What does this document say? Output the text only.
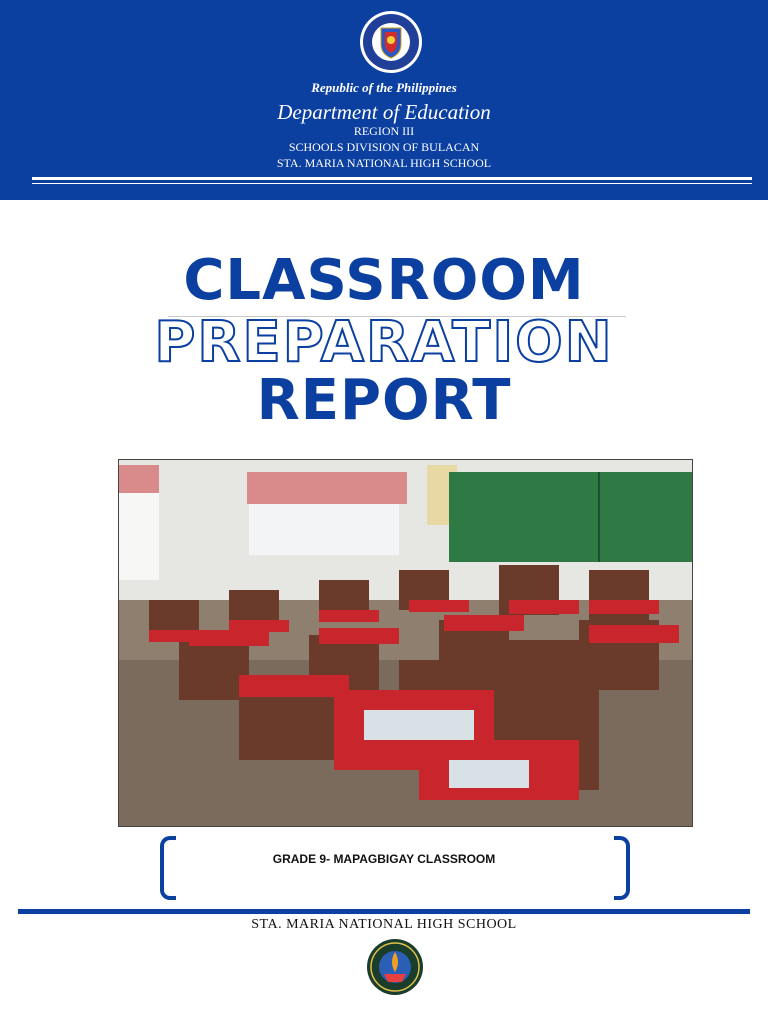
Republic of the Philippines
Department of Education
REGION III
SCHOOLS DIVISION OF BULACAN
STA. MARIA NATIONAL HIGH SCHOOL
CLASSROOM
PREPARATION
REPORT
GRADE 9- MAPAGBIGAY CLASSROOM
STA. MARIA NATIONAL HIGH SCHOOL
